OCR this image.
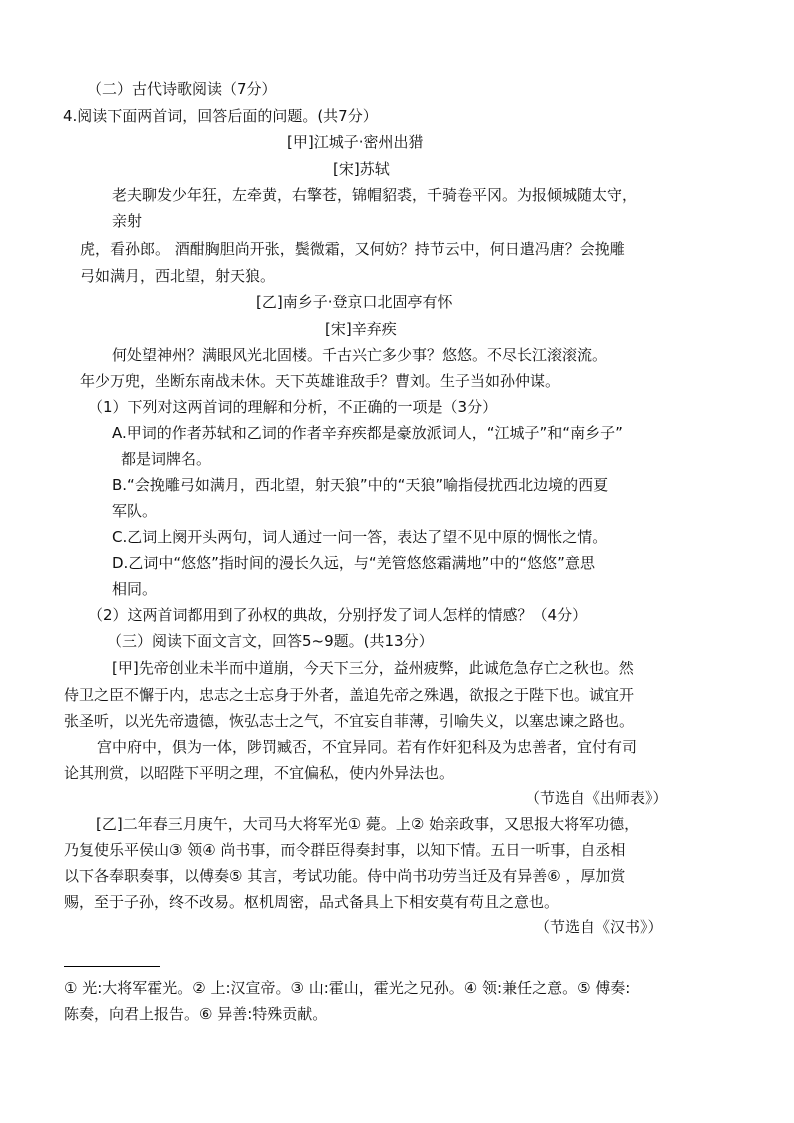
（二）古代诗歌阅读（7分）
4.阅读下面两首词，回答后面的问题。(共7分）
[甲]江城子·密州出猎
[宋]苏轼
老夫聊发少年狂，左牵黄，右擎苍，锦帽貂裘，千骑卷平冈。为报倾城随太守，
亲射
虎，看孙郎。 酒酣胸胆尚开张，鬓微霜，又何妨？持节云中，何日遣冯唐？会挽雕
弓如满月，西北望，射天狼。
[乙]南乡子·登京口北固亭有怀
[宋]辛弃疾
何处望神州？满眼风光北固楼。千古兴亡多少事？悠悠。不尽长江滚滚流。
年少万兜，坐断东南战未休。天下英雄谁敌手？曹刘。生子当如孙仲谋。
（1）下列对这两首词的理解和分析，不正确的一项是（3分）
A.甲词的作者苏轼和乙词的作者辛弃疾都是豪放派词人，“江城子”和“南乡子”
都是词牌名。
B.“会挽雕弓如满月，西北望，射天狼”中的“天狼”喻指侵扰西北边境的西夏
军队。
C.乙词上阕开头两句，词人通过一问一答，表达了望不见中原的惆怅之情。
D.乙词中“悠悠”指时间的漫长久远，与“羌管悠悠霜满地”中的“悠悠”意思
相同。
（2）这两首词都用到了孙权的典故，分别抒发了词人怎样的情感？（4分）
（三）阅读下面文言文，回答5~9题。(共13分）
[甲]先帝创业未半而中道崩，今天下三分，益州疲弊，此诚危急存亡之秋也。然
侍卫之臣不懈于内，忠志之士忘身于外者，盖追先帝之殊遇，欲报之于陛下也。诚宜开
张圣听，以光先帝遗德，恢弘志士之气，不宜妄自菲薄，引喻失义，以塞忠谏之路也。
宫中府中，俱为一体，陟罚臧否，不宜异同。若有作奸犯科及为忠善者，宜付有司
论其刑赏，以昭陛下平明之理，不宜偏私，使内外异法也。
（节选自《出师表》）
[乙]二年春三月庚午，大司马大将军光① 薨。上② 始亲政事，又思报大将军功德，
乃复使乐平侯山③ 领④ 尚书事，而令群臣得奏封事，以知下情。五日一听事，自丞相
以下各奉职奏事，以傅奏⑤ 其言，考试功能。侍中尚书功劳当迁及有异善⑥ ，厚加赏
赐，至于子孙，终不改易。枢机周密，品式备具上下相安莫有苟且之意也。
（节选自《汉书》）
① 光:大将军霍光。② 上:汉宣帝。③ 山:霍山，霍光之兄孙。④ 领:兼任之意。⑤ 傅奏:
陈奏，向君上报告。⑥ 异善:特殊贡献。
